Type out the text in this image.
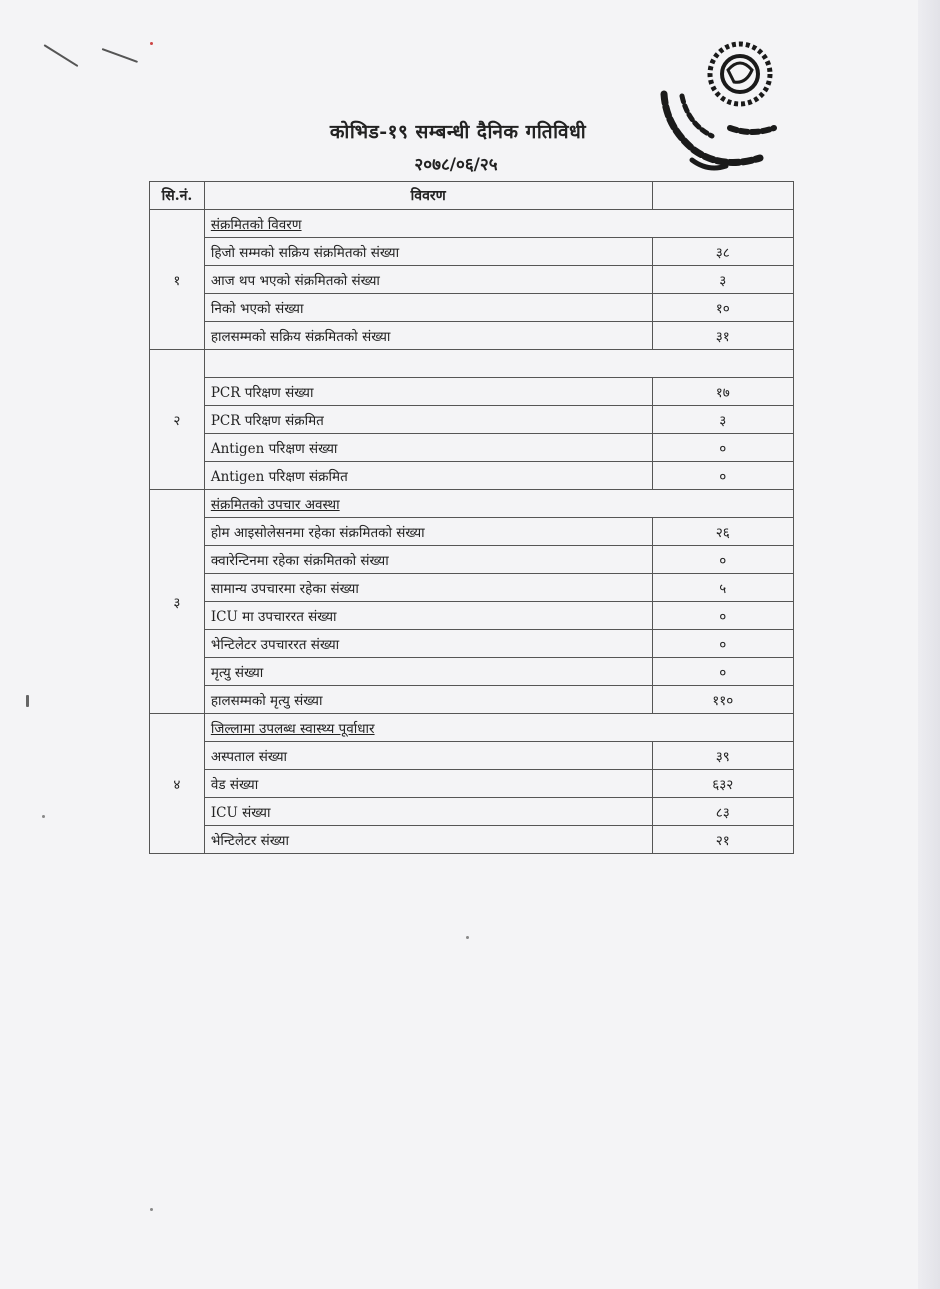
कोभिड-१९ सम्बन्धी दैनिक गतिविधी
२०७८/०६/२५
सि.नं.	विवरण	
१	संक्रमितको विवरण	
	हिजो सम्मको सक्रिय संक्रमितको संख्या	३८
	आज थप भएको संक्रमितको संख्या	३
	निको भएको संख्या	१०
	हालसम्मको सक्रिय संक्रमितको संख्या	३१
२		
	PCR परिक्षण संख्या	१७
	PCR परिक्षण संक्रमित	३
	Antigen परिक्षण संख्या	०
	Antigen परिक्षण संक्रमित	०
३	संक्रमितको उपचार अवस्था	
	होम आइसोलेसनमा रहेका संक्रमितको संख्या	२६
	क्वारेन्टिनमा रहेका संक्रमितको संख्या	०
	सामान्य उपचारमा रहेका संख्या	५
	ICU मा उपचाररत संख्या	०
	भेन्टिलेटर उपचाररत संख्या	०
	मृत्यु संख्या	०
	हालसम्मको मृत्यु संख्या	११०
४	जिल्लामा उपलब्ध स्वास्थ्य पूर्वाधार	
	अस्पताल संख्या	३९
	वेड संख्या	६३२
	ICU संख्या	८३
	भेन्टिलेटर संख्या	२१
